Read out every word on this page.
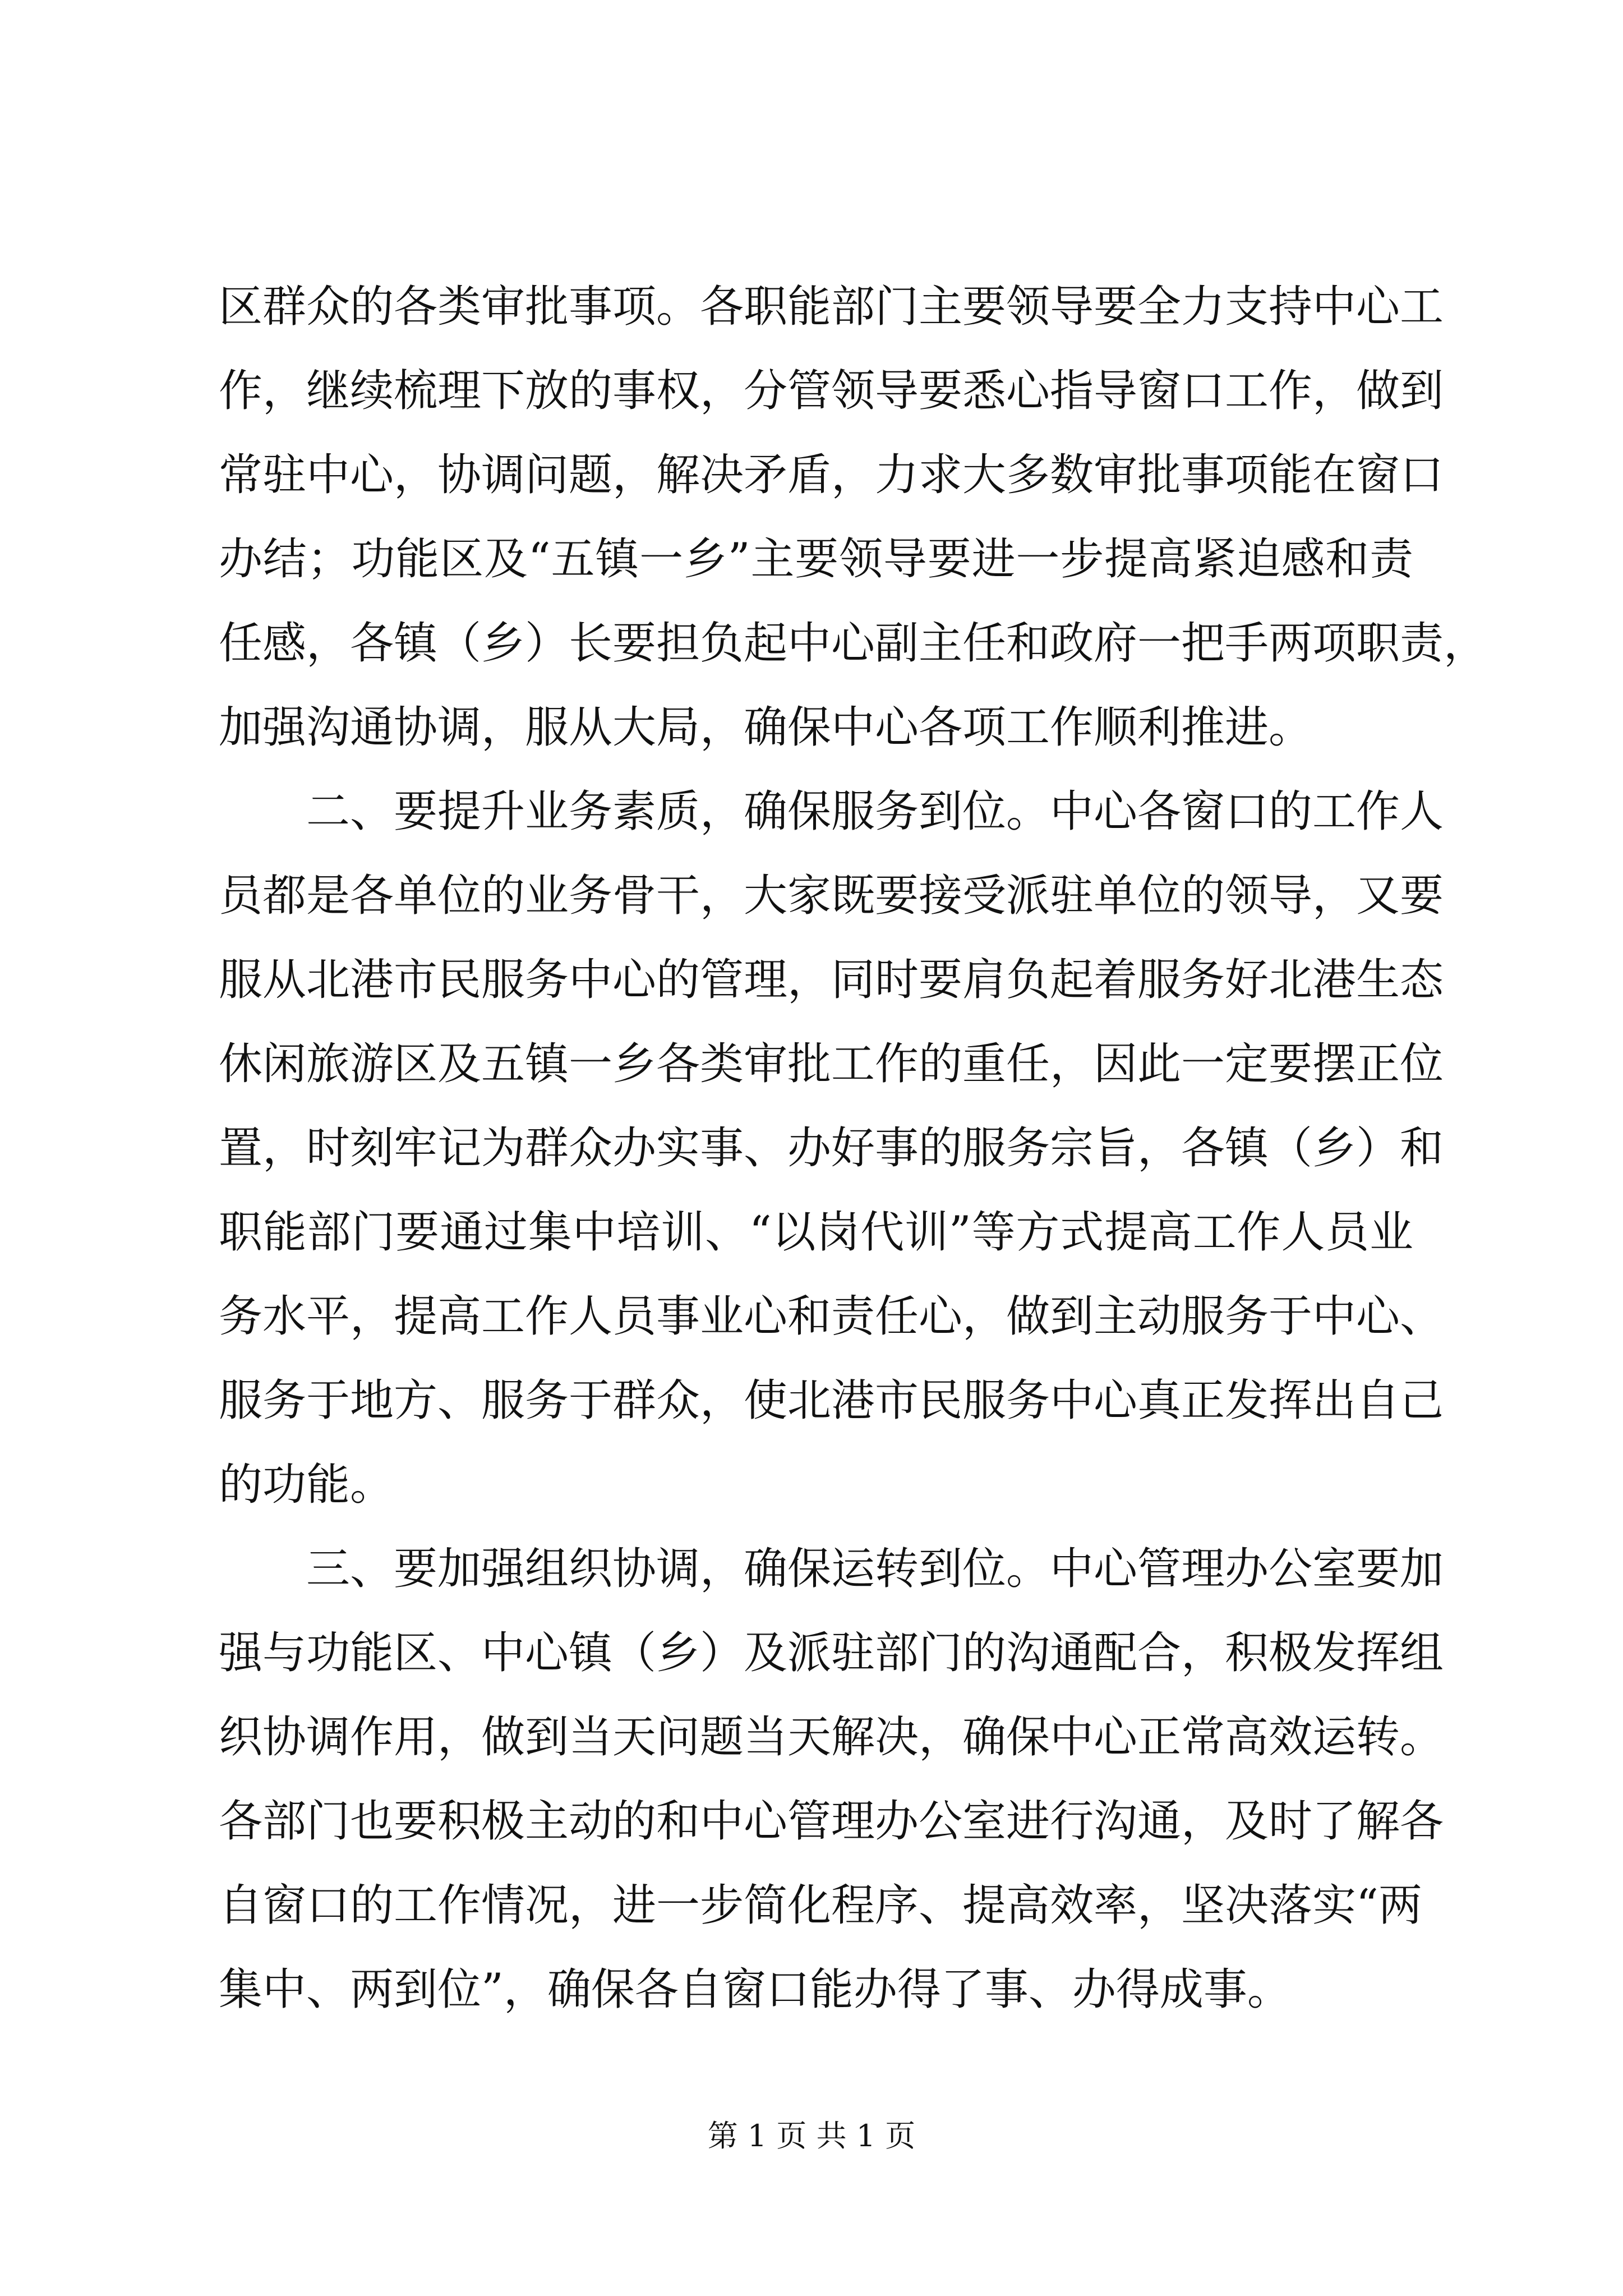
区群众的各类审批事项。各职能部门主要领导要全力支持中心工
作，继续梳理下放的事权，分管领导要悉心指导窗口工作，做到
常驻中心，协调问题，解决矛盾，力求大多数审批事项能在窗口
办结；功能区及“五镇一乡”主要领导要进一步提高紧迫感和责
任感，各镇（乡）长要担负起中心副主任和政府一把手两项职责，
加强沟通协调，服从大局，确保中心各项工作顺利推进。
二、要提升业务素质，确保服务到位。中心各窗口的工作人
员都是各单位的业务骨干，大家既要接受派驻单位的领导，又要
服从北港市民服务中心的管理，同时要肩负起着服务好北港生态
休闲旅游区及五镇一乡各类审批工作的重任，因此一定要摆正位
置，时刻牢记为群众办实事、办好事的服务宗旨，各镇（乡）和
职能部门要通过集中培训、“以岗代训”等方式提高工作人员业
务水平，提高工作人员事业心和责任心，做到主动服务于中心、
服务于地方、服务于群众，使北港市民服务中心真正发挥出自己
的功能。
三、要加强组织协调，确保运转到位。中心管理办公室要加
强与功能区、中心镇（乡）及派驻部门的沟通配合，积极发挥组
织协调作用，做到当天问题当天解决，确保中心正常高效运转。
各部门也要积极主动的和中心管理办公室进行沟通，及时了解各
自窗口的工作情况，进一步简化程序、提高效率，坚决落实“两
集中、两到位”，确保各自窗口能办得了事、办得成事。
第 1 页 共 1 页
